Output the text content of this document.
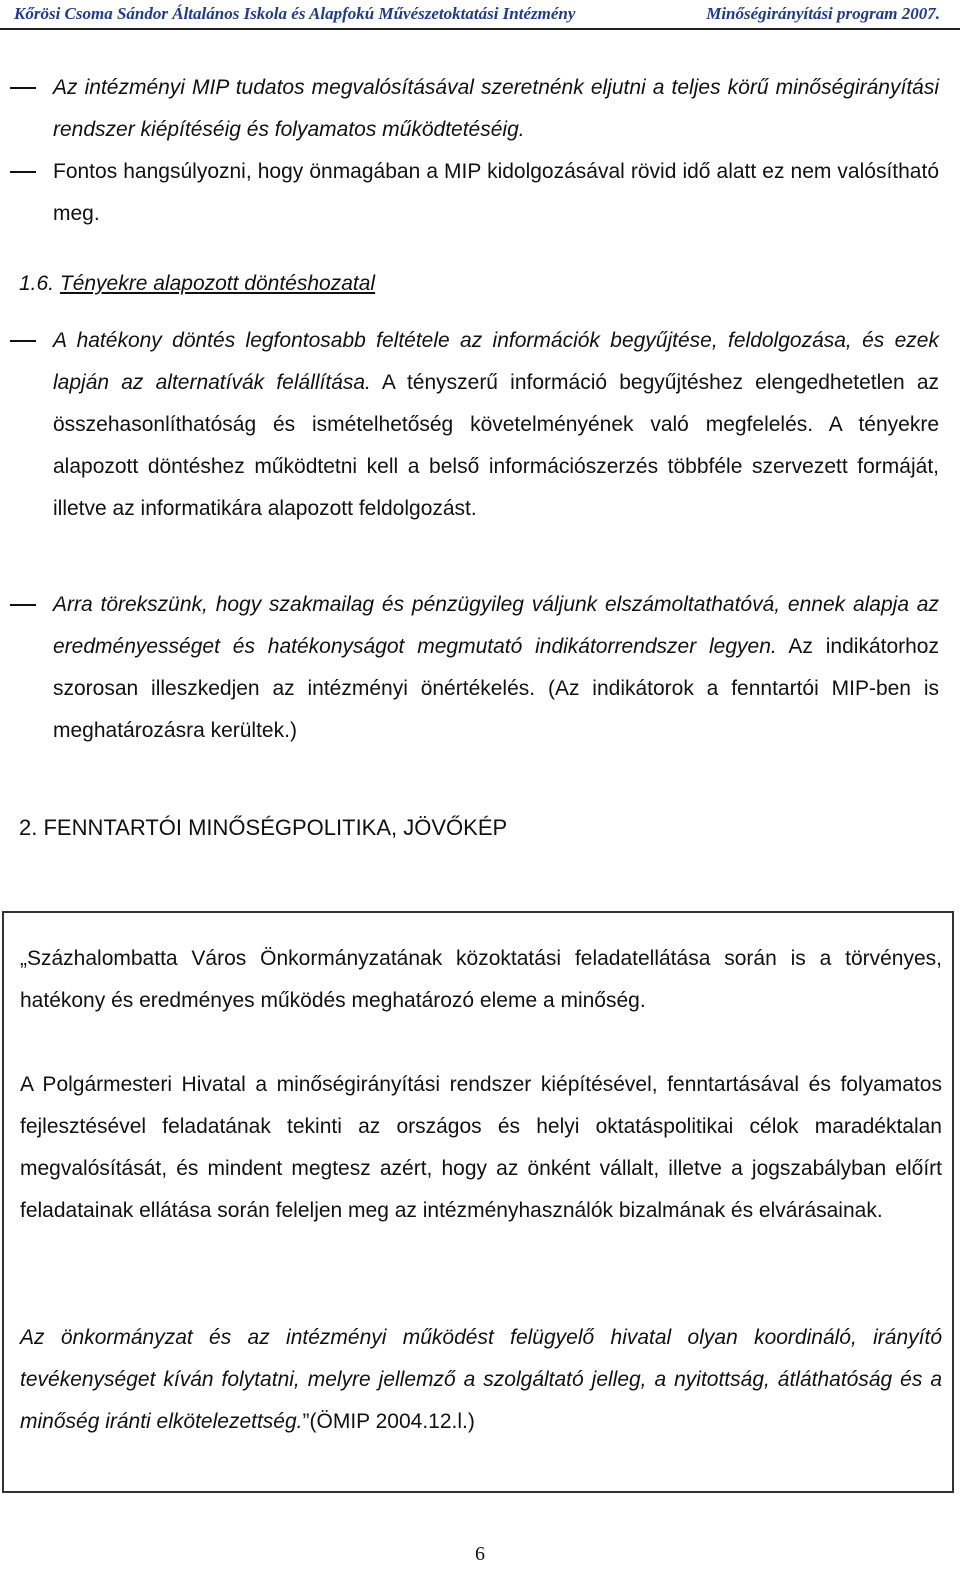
Kőrösi Csoma Sándor Általános Iskola és Alapfokú Művészetoktatási Intézmény	Minőségirányítási program 2007.
Az intézményi MIP tudatos megvalósításával szeretnénk eljutni a teljes körű minőségirányítási rendszer kiépítéséig és folyamatos működtetéséig.
Fontos hangsúlyozni, hogy önmagában a MIP kidolgozásával rövid idő alatt ez nem valósítható meg.
1.6. Tényekre alapozott döntéshozatal
A hatékony döntés legfontosabb feltétele az információk begyűjtése, feldolgozása, és ezek lapján az alternatívák felállítása. A tényszerű információ begyűjtéshez elengedhetetlen az összehasonlíthatóság és ismételhetőség követelményének való megfelelés. A tényekre alapozott döntéshez működtetni kell a belső információszerzés többféle szervezett formáját, illetve az informatikára alapozott feldolgozást.
Arra törekszünk, hogy szakmailag és pénzügyileg váljunk elszámoltathatóvá, ennek alapja az eredményességet és hatékonyságot megmutató indikátorrendszer legyen. Az indikátorhoz szorosan illeszkedjen az intézményi önértékelés. (Az indikátorok a fenntartói MIP-ben is meghatározásra kerültek.)
2. FENNTARTÓI MINŐSÉGPOLITIKA, JÖVŐKÉP

„Százhalombatta Város Önkormányzatának közoktatási feladatellátása során is a törvényes, hatékony és eredményes működés meghatározó eleme a minőség.

A Polgármesteri Hivatal a minőségirányítási rendszer kiépítésével, fenntartásával és folyamatos fejlesztésével feladatának tekinti az országos és helyi oktatáspolitikai célok maradéktalan megvalósítását, és mindent megtesz azért, hogy az önként vállalt, illetve a jogszabályban előírt feladatainak ellátása során feleljen meg az intézményhasználók bizalmának és elvárásainak.

Az önkormányzat és az intézményi működést felügyelő hivatal olyan koordináló, irányító tevékenységet kíván folytatni, melyre jellemző a szolgáltató jelleg, a nyitottság, átláthatóság és a minőség iránti elkötelezettség.”(ÖMIP 2004.12.l.)

6
